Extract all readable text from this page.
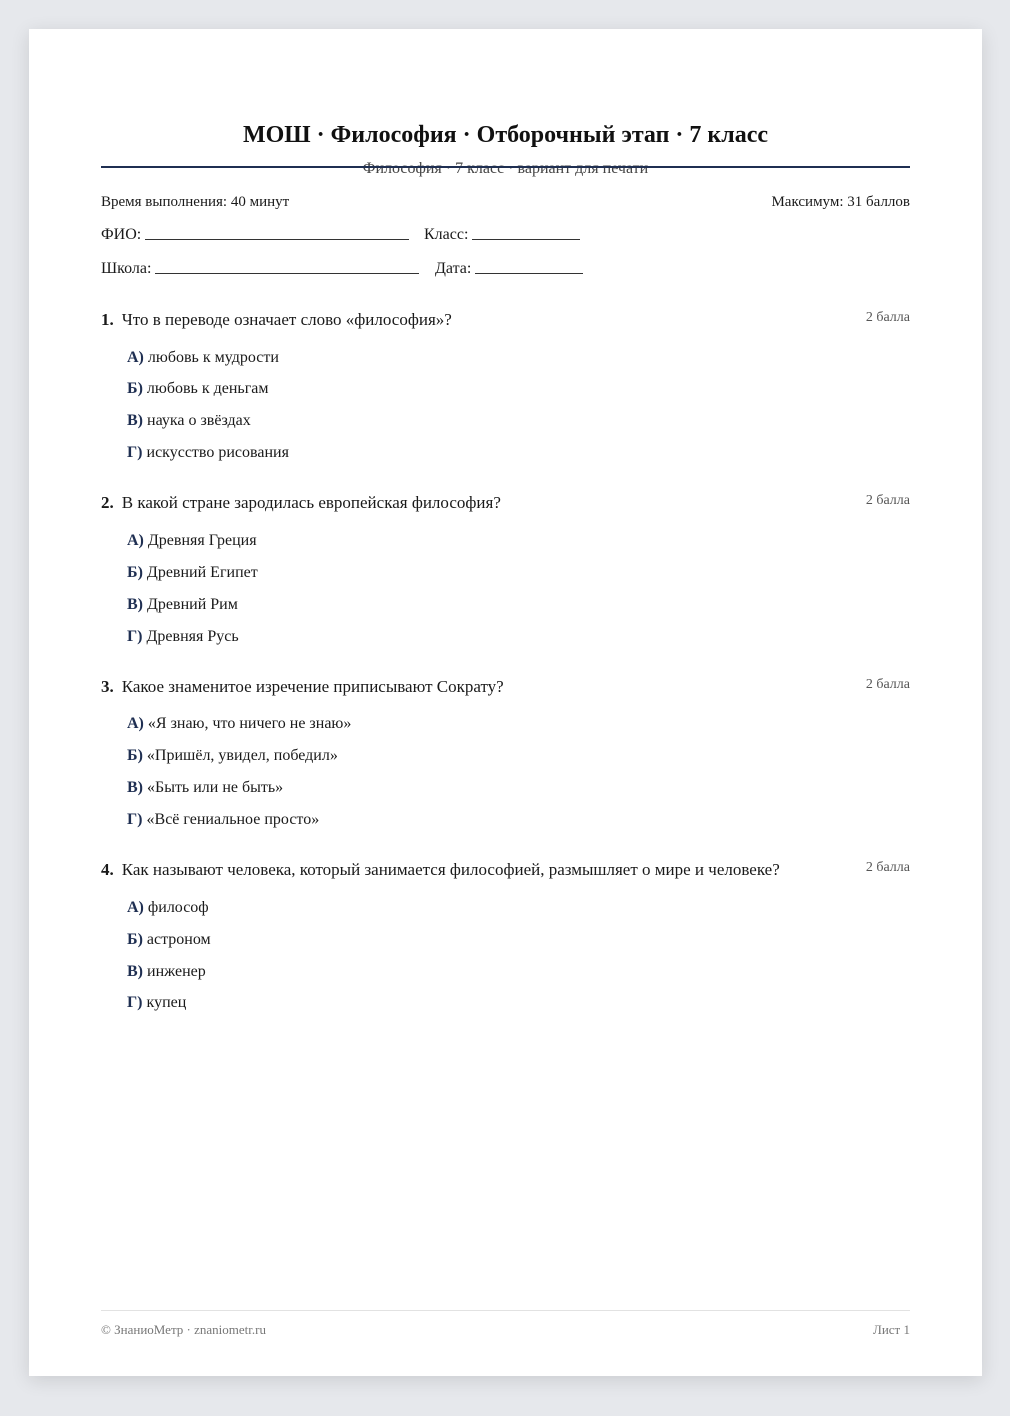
МОШ · Философия · Отборочный этап · 7 класс
Философия · 7 класс · вариант для печати
Время выполнения: 40 минут	Максимум: 31 баллов
ФИО:	Класс:
Школа:	Дата:
1. Что в переводе означает слово «философия»?	2 балла
А) любовь к мудрости
Б) любовь к деньгам
В) наука о звёздах
Г) искусство рисования
2. В какой стране зародилась европейская философия?	2 балла
А) Древняя Греция
Б) Древний Египет
В) Древний Рим
Г) Древняя Русь
3. Какое знаменитое изречение приписывают Сократу?	2 балла
А) «Я знаю, что ничего не знаю»
Б) «Пришёл, увидел, победил»
В) «Быть или не быть»
Г) «Всё гениальное просто»
4. Как называют человека, который занимается философией, размышляет о мире и человеке?	2 балла
А) философ
Б) астроном
В) инженер
Г) купец
© ЗнаниоМетр · znaniometr.ru	Лист 1
